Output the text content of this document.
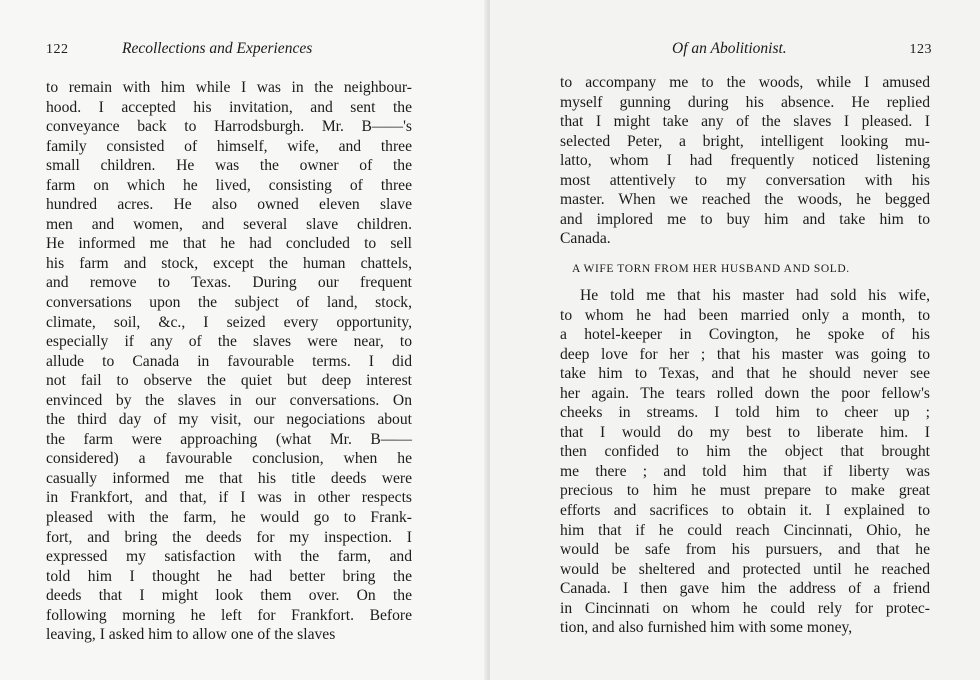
122	Recollections and Experiences
to remain with him while I was in the neighbour-
hood. I accepted his invitation, and sent the
conveyance back to Harrodsburgh. Mr. B——'s
family consisted of himself, wife, and three
small children. He was the owner of the
farm on which he lived, consisting of three
hundred acres. He also owned eleven slave
men and women, and several slave children.
He informed me that he had concluded to sell
his farm and stock, except the human chattels,
and remove to Texas. During our frequent
conversations upon the subject of land, stock,
climate, soil, &c., I seized every opportunity,
especially if any of the slaves were near, to
allude to Canada in favourable terms. I did
not fail to observe the quiet but deep interest
envinced by the slaves in our conversations. On
the third day of my visit, our negociations about
the farm were approaching (what Mr. B——
considered) a favourable conclusion, when he
casually informed me that his title deeds were
in Frankfort, and that, if I was in other respects
pleased with the farm, he would go to Frank-
fort, and bring the deeds for my inspection. I
expressed my satisfaction with the farm, and
told him I thought he had better bring the
deeds that I might look them over. On the
following morning he left for Frankfort. Before
leaving, I asked him to allow one of the slaves
Of an Abolitionist.	123
to accompany me to the woods, while I amused
myself gunning during his absence. He replied
that I might take any of the slaves I pleased. I
selected Peter, a bright, intelligent looking mu-
latto, whom I had frequently noticed listening
most attentively to my conversation with his
master. When we reached the woods, he begged
and implored me to buy him and take him to
Canada.
A WIFE TORN FROM HER HUSBAND AND SOLD.
He told me that his master had sold his wife,
to whom he had been married only a month, to
a hotel-keeper in Covington, he spoke of his
deep love for her ; that his master was going to
take him to Texas, and that he should never see
her again. The tears rolled down the poor fellow's
cheeks in streams. I told him to cheer up ;
that I would do my best to liberate him. I
then confided to him the object that brought
me there ; and told him that if liberty was
precious to him he must prepare to make great
efforts and sacrifices to obtain it. I explained to
him that if he could reach Cincinnati, Ohio, he
would be safe from his pursuers, and that he
would be sheltered and protected until he reached
Canada. I then gave him the address of a friend
in Cincinnati on whom he could rely for protec-
tion, and also furnished him with some money,
